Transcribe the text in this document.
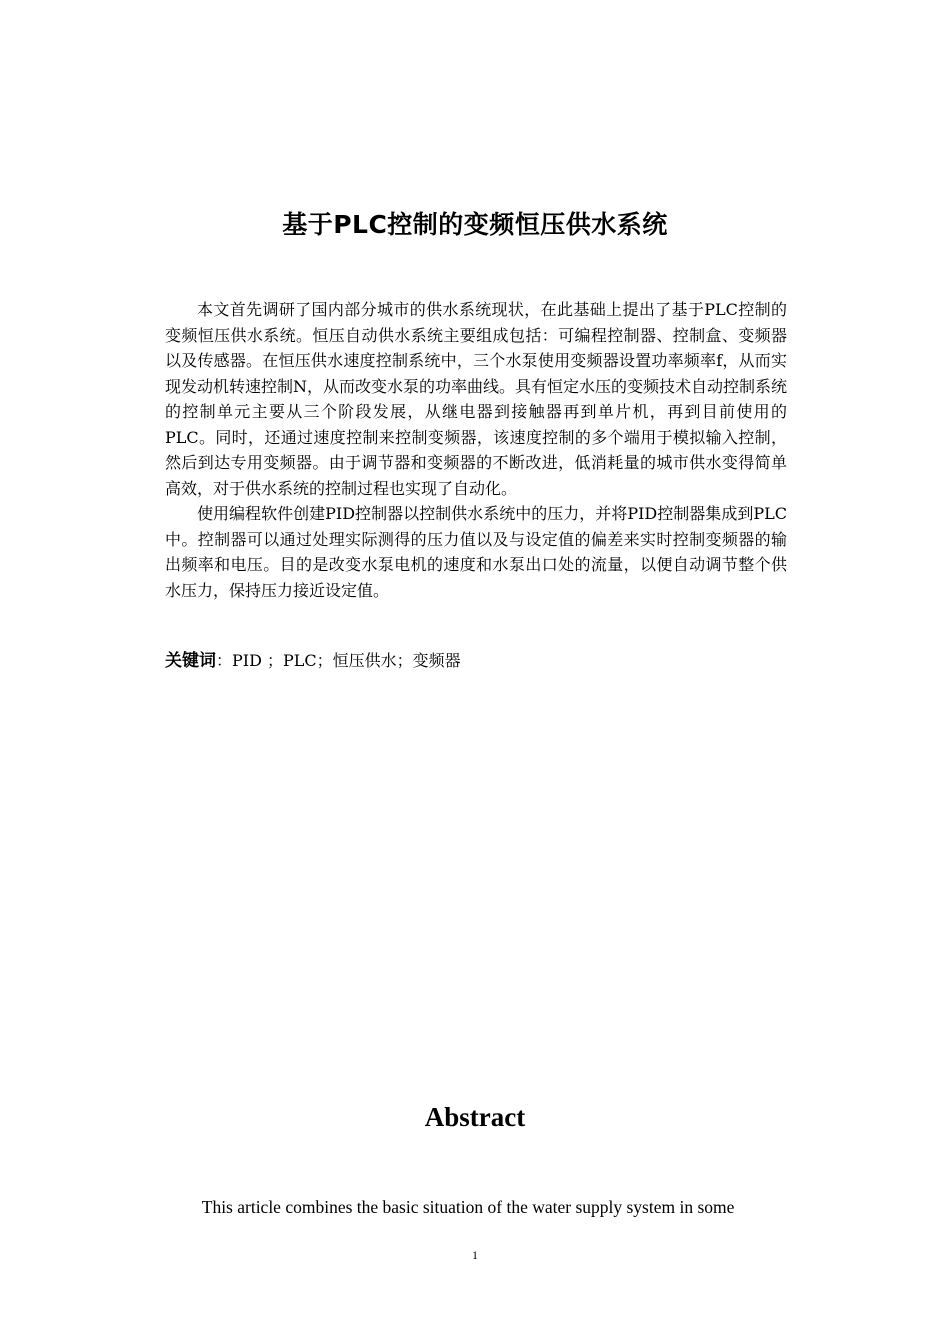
基于PLC控制的变频恒压供水系统

本文首先调研了国内部分城市的供水系统现状，在此基础上提出了基于PLC控制的变频恒压供水系统。恒压自动供水系统主要组成包括：可编程控制器、控制盒、变频器以及传感器。在恒压供水速度控制系统中，三个水泵使用变频器设置功率频率f，从而实现发动机转速控制N，从而改变水泵的功率曲线。具有恒定水压的变频技术自动控制系统的控制单元主要从三个阶段发展，从继电器到接触器再到单片机，再到目前使用的PLC。同时，还通过速度控制来控制变频器，该速度控制的多个端用于模拟输入控制，然后到达专用变频器。由于调节器和变频器的不断改进，低消耗量的城市供水变得简单高效，对于供水系统的控制过程也实现了自动化。

使用编程软件创建PID控制器以控制供水系统中的压力，并将PID控制器集成到PLC中。控制器可以通过处理实际测得的压力值以及与设定值的偏差来实时控制变频器的输出频率和电压。目的是改变水泵电机的速度和水泵出口处的流量，以便自动调节整个供水压力，保持压力接近设定值。

关键词：PID ；PLC；恒压供水；变频器
Abstract

This article combines the basic situation of the water supply system in some

1
